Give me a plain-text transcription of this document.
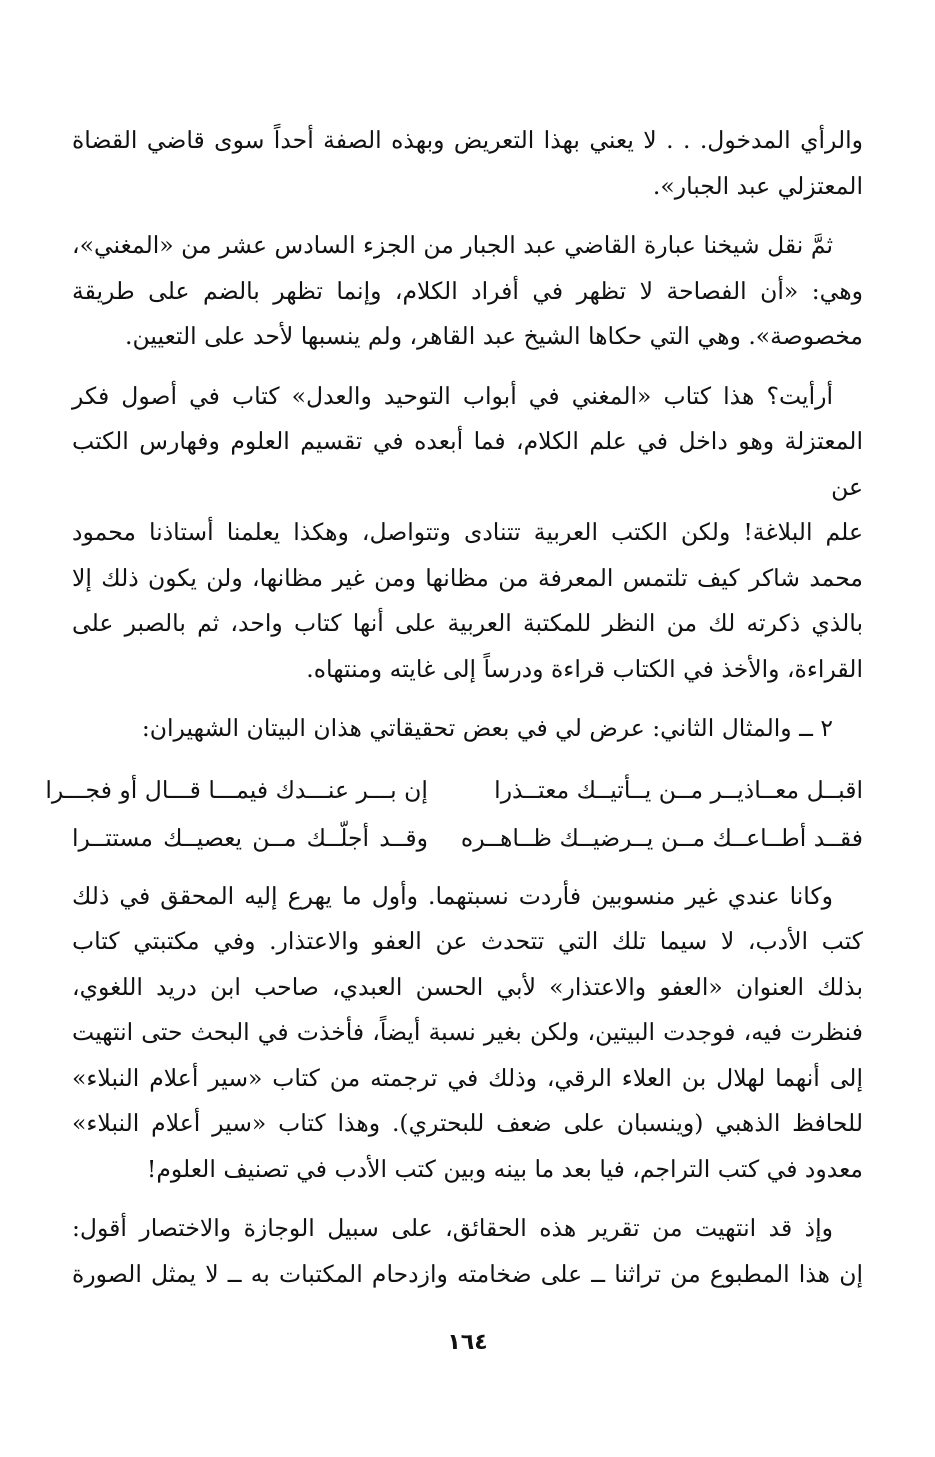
والرأي المدخول. . . لا يعني بهذا التعريض وبهذه الصفة أحداً سوى قاضي القضاة
المعتزلي عبد الجبار».
ثمَّ نقل شيخنا عبارة القاضي عبد الجبار من الجزء السادس عشر من «المغني»،
وهي: «أن الفصاحة لا تظهر في أفراد الكلام، وإنما تظهر بالضم على طريقة
مخصوصة». وهي التي حكاها الشيخ عبد القاهر، ولم ينسبها لأحد على التعيين.
أرأيت؟ هذا كتاب «المغني في أبواب التوحيد والعدل» كتاب في أصول فكر
المعتزلة وهو داخل في علم الكلام، فما أبعده في تقسيم العلوم وفهارس الكتب عن
علم البلاغة! ولكن الكتب العربية تتنادى وتتواصل، وهكذا يعلمنا أستاذنا محمود
محمد شاكر كيف تلتمس المعرفة من مظانها ومن غير مظانها، ولن يكون ذلك إلا
بالذي ذكرته لك من النظر للمكتبة العربية على أنها كتاب واحد، ثم بالصبر على
القراءة، والأخذ في الكتاب قراءة ودرساً إلى غايته ومنتهاه.
٢ ــ والمثال الثاني: عرض لي في بعض تحقيقاتي هذان البيتان الشهيران:
اقبــل معــاذيــر مــن يــأتيــك معتــذرا
إن بـــر عنـــدك فيمـــا قـــال أو فجـــرا
فقــد أطــاعــك مــن يــرضيــك ظــاهــره
وقــد أجلّــك مــن يعصيــك مستتــرا
وكانا عندي غير منسوبين فأردت نسبتهما. وأول ما يهرع إليه المحقق في ذلك
كتب الأدب، لا سيما تلك التي تتحدث عن العفو والاعتذار. وفي مكتبتي كتاب
بذلك العنوان «العفو والاعتذار» لأبي الحسن العبدي، صاحب ابن دريد اللغوي،
فنظرت فيه، فوجدت البيتين، ولكن بغير نسبة أيضاً، فأخذت في البحث حتى انتهيت
إلى أنهما لهلال بن العلاء الرقي، وذلك في ترجمته من كتاب «سير أعلام النبلاء»
للحافظ الذهبي (وينسبان على ضعف للبحتري). وهذا كتاب «سير أعلام النبلاء»
معدود في كتب التراجم، فيا بعد ما بينه وبين كتب الأدب في تصنيف العلوم!
وإذ قد انتهيت من تقرير هذه الحقائق، على سبيل الوجازة والاختصار أقول:
إن هذا المطبوع من تراثنا ــ على ضخامته وازدحام المكتبات به ــ لا يمثل الصورة
١٦٤
